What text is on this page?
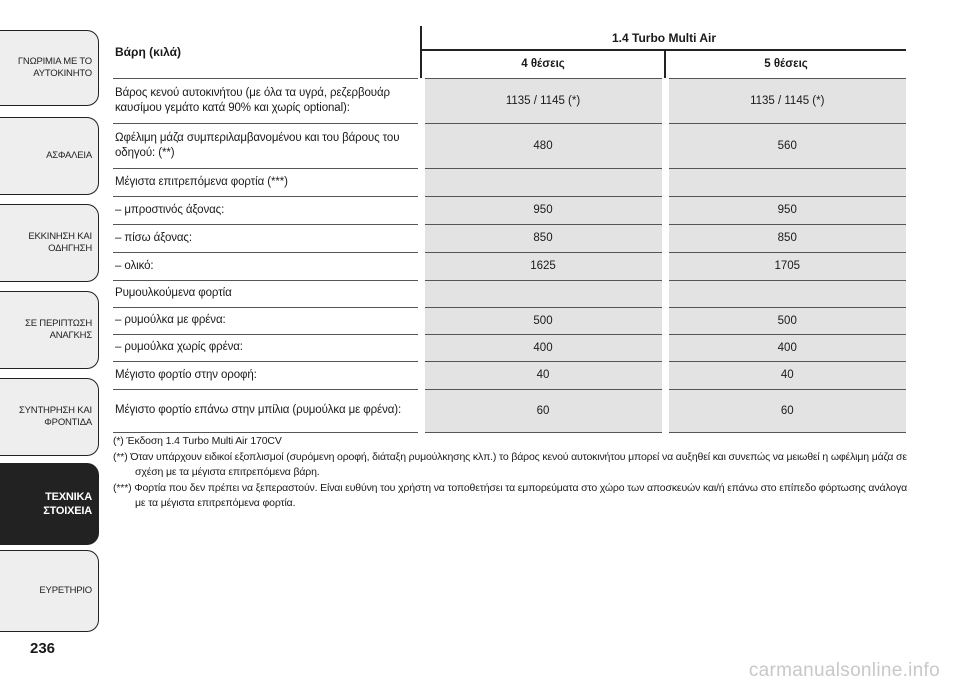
ΓΝΩΡΙΜΙΑ ΜΕ ΤΟ
ΑΥΤΟΚΙΝΗΤΟ
ΑΣΦΑΛΕΙΑ
ΕΚΚΙΝΗΣΗ ΚΑΙ
ΟΔΗΓΗΣΗ
ΣΕ ΠΕΡΙΠΤΩΣΗ
ΑΝΑΓΚΗΣ
ΣΥΝΤΗΡΗΣΗ ΚΑΙ
ΦΡΟΝΤΙΔΑ
ΤΕΧΝΙΚΑ
ΣΤΟΙΧΕΙΑ
ΕΥΡΕΤΗΡΙΟ
236
Βάρη (κιλά)	1.4 Turbo Multi Air	
	4 θέσεις	5 θέσεις
Βάρος κενού αυτοκινήτου (με όλα τα υγρά, ρεζερβουάρ καυσίμου γεμάτο κατά 90% και χωρίς optional):	1135 / 1145 (*)	1135 / 1145 (*)
Ωφέλιμη μάζα συμπεριλαμβανομένου και του βάρους του οδηγού: (**)	480	560
Μέγιστα επιτρεπόμενα φορτία (***)		
– μπροστινός άξονας:	950	950
– πίσω άξονας:	850	850
– ολικό:	1625	1705
Ρυμουλκούμενα φορτία		
– ρυμούλκα με φρένα:	500	500
– ρυμούλκα χωρίς φρένα:	400	400
Μέγιστο φορτίο στην οροφή:	40	40
Μέγιστο φορτίο επάνω στην μπίλια (ρυμούλκα με φρένα):	60	60
(*) Έκδοση 1.4 Turbo Multi Air 170CV
(**) Όταν υπάρχουν ειδικοί εξοπλισμοί (συρόμενη οροφή, διάταξη ρυμούλκησης κλπ.) το βάρος κενού αυτοκινήτου μπορεί να αυξηθεί και συνεπώς να μειωθεί η ωφέλιμη μάζα σε σχέση με τα μέγιστα επιτρεπόμενα βάρη.
(***) Φορτία που δεν πρέπει να ξεπεραστούν. Είναι ευθύνη του χρήστη να τοποθετήσει τα εμπορεύματα στο χώρο των αποσκευών και/ή επάνω στο επίπεδο φόρτωσης ανάλογα με τα μέγιστα επιτρεπόμενα φορτία.
carmanualsonline.info
